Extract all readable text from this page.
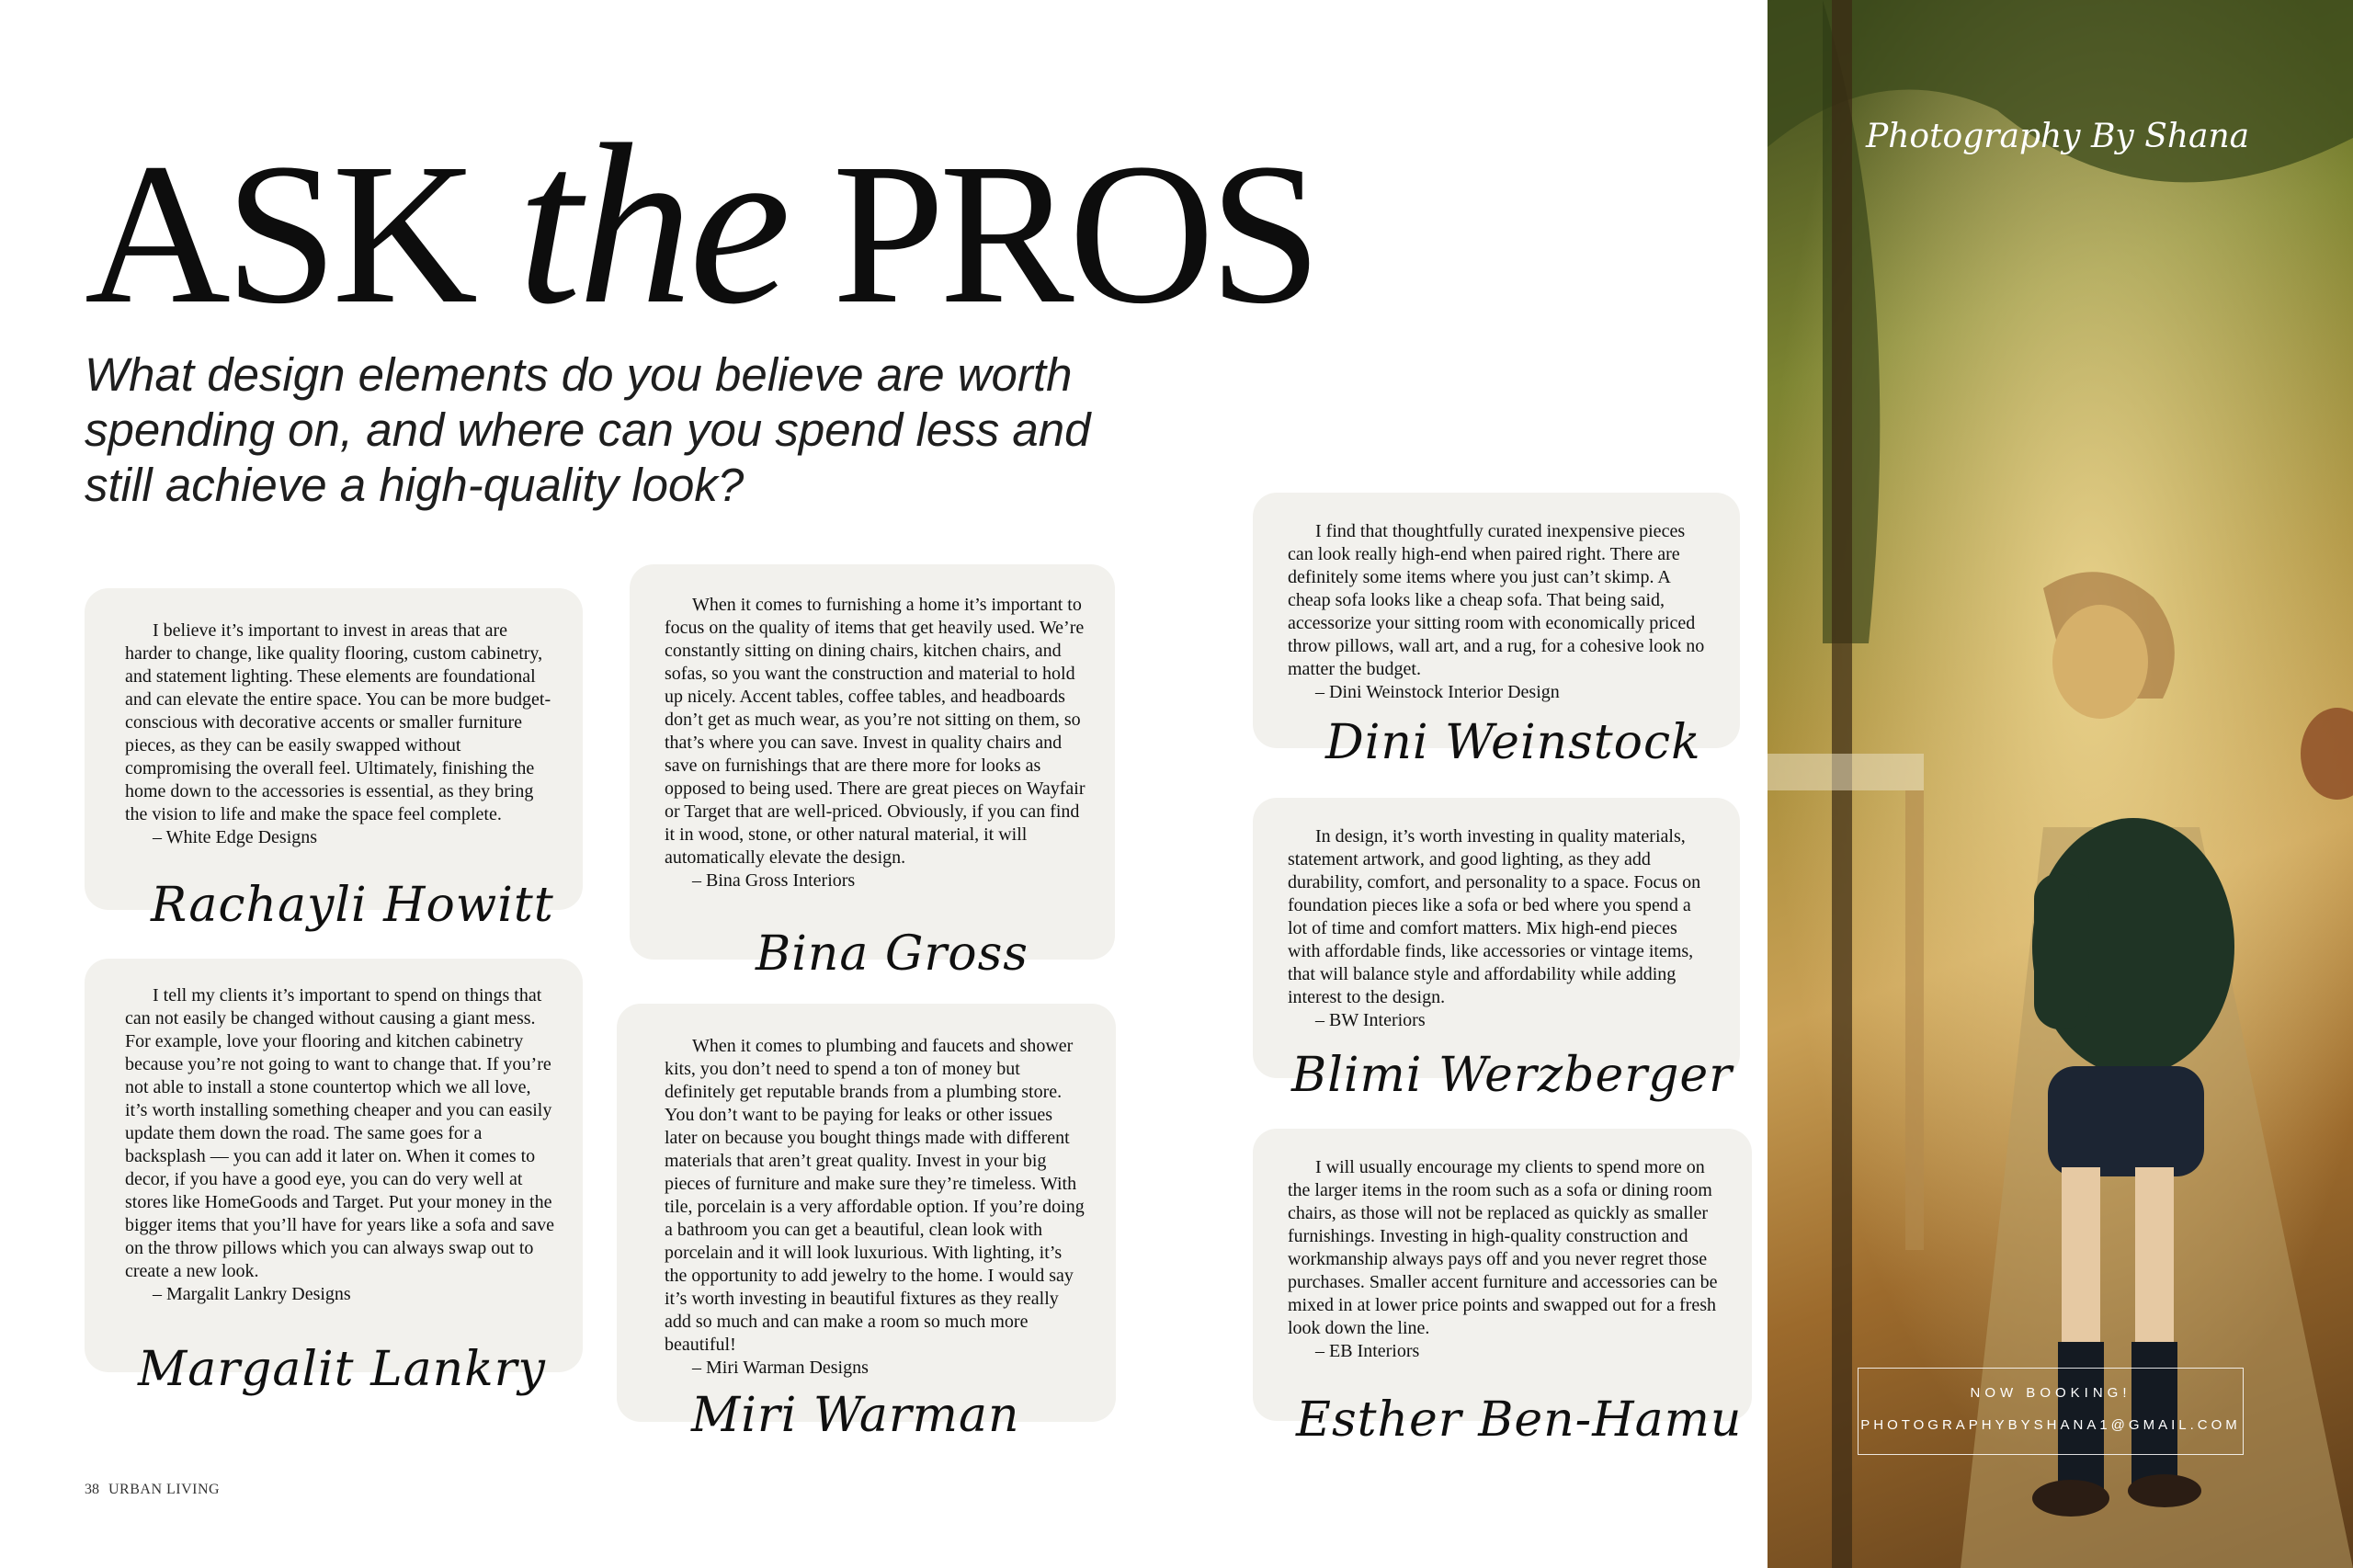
ASK the PROS

What design elements do you believe are worth spending on, and where can you spend less and still achieve a high-quality look?

I believe it’s important to invest in areas that are harder to change, like quality flooring, custom cabinetry, and statement lighting. These elements are foundational and can elevate the entire space. You can be more budget-conscious with decorative accents or smaller furniture pieces, as they can be easily swapped without compromising the overall feel. Ultimately, finishing the home down to the accessories is essential, as they bring the vision to life and make the space feel complete.

– White Edge Designs
Rachayli Howitt

I tell my clients it’s important to spend on things that can not easily be changed without causing a giant mess. For example, love your flooring and kitchen cabinetry because you’re not going to want to change that. If you’re not able to install a stone countertop which we all love, it’s worth installing something cheaper and you can easily update them down the road. The same goes for a backsplash — you can add it later on. When it comes to decor, if you have a good eye, you can do very well at stores like HomeGoods and Target. Put your money in the bigger items that you’ll have for years like a sofa and save on the throw pillows which you can always swap out to create a new look.

– Margalit Lankry Designs
Margalit Lankry

When it comes to furnishing a home it’s important to focus on the quality of items that get heavily used. We’re constantly sitting on dining chairs, kitchen chairs, and sofas, so you want the construction and material to hold up nicely. Accent tables, coffee tables, and headboards don’t get as much wear, as you’re not sitting on them, so that’s where you can save. Invest in quality chairs and save on furnishings that are there more for looks as opposed to being used. There are great pieces on Wayfair or Target that are well-priced. Obviously, if you can find it in wood, stone, or other natural material, it will automatically elevate the design.

– Bina Gross Interiors
Bina Gross

When it comes to plumbing and faucets and shower kits, you don’t need to spend a ton of money but definitely get reputable brands from a plumbing store. You don’t want to be paying for leaks or other issues later on because you bought things made with different materials that aren’t great quality. Invest in your big pieces of furniture and make sure they’re timeless. With tile, porcelain is a very affordable option. If you’re doing a bathroom you can get a beautiful, clean look with porcelain and it will look luxurious. With lighting, it’s the opportunity to add jewelry to the home. I would say it’s worth investing in beautiful fixtures as they really add so much and can make a room so much more beautiful!

– Miri Warman Designs
Miri Warman

I find that thoughtfully curated inexpensive pieces can look really high-end when paired right. There are definitely some items where you just can’t skimp. A cheap sofa looks like a cheap sofa. That being said, accessorize your sitting room with economically priced throw pillows, wall art, and a rug, for a cohesive look no matter the budget.

– Dini Weinstock Interior Design
Dini Weinstock

In design, it’s worth investing in quality materials, statement artwork, and good lighting, as they add durability, comfort, and personality to a space. Focus on foundation pieces like a sofa or bed where you spend a lot of time and comfort matters. Mix high-end pieces with affordable finds, like accessories or vintage items, that will balance style and affordability while adding interest to the design.

– BW Interiors
Blimi Werzberger

I will usually encourage my clients to spend more on the larger items in the room such as a sofa or dining room chairs, as those will not be replaced as quickly as smaller furnishings. Investing in high-quality construction and workmanship always pays off and you never regret those purchases. Smaller accent furniture and accessories can be mixed in at lower price points and swapped out for a fresh look down the line.

– EB Interiors
Esther Ben-Hamu
38 URBAN LIVING
Photography By Shana
NOW BOOKING!
PHOTOGRAPHYBYSHANA1@GMAIL.COM
